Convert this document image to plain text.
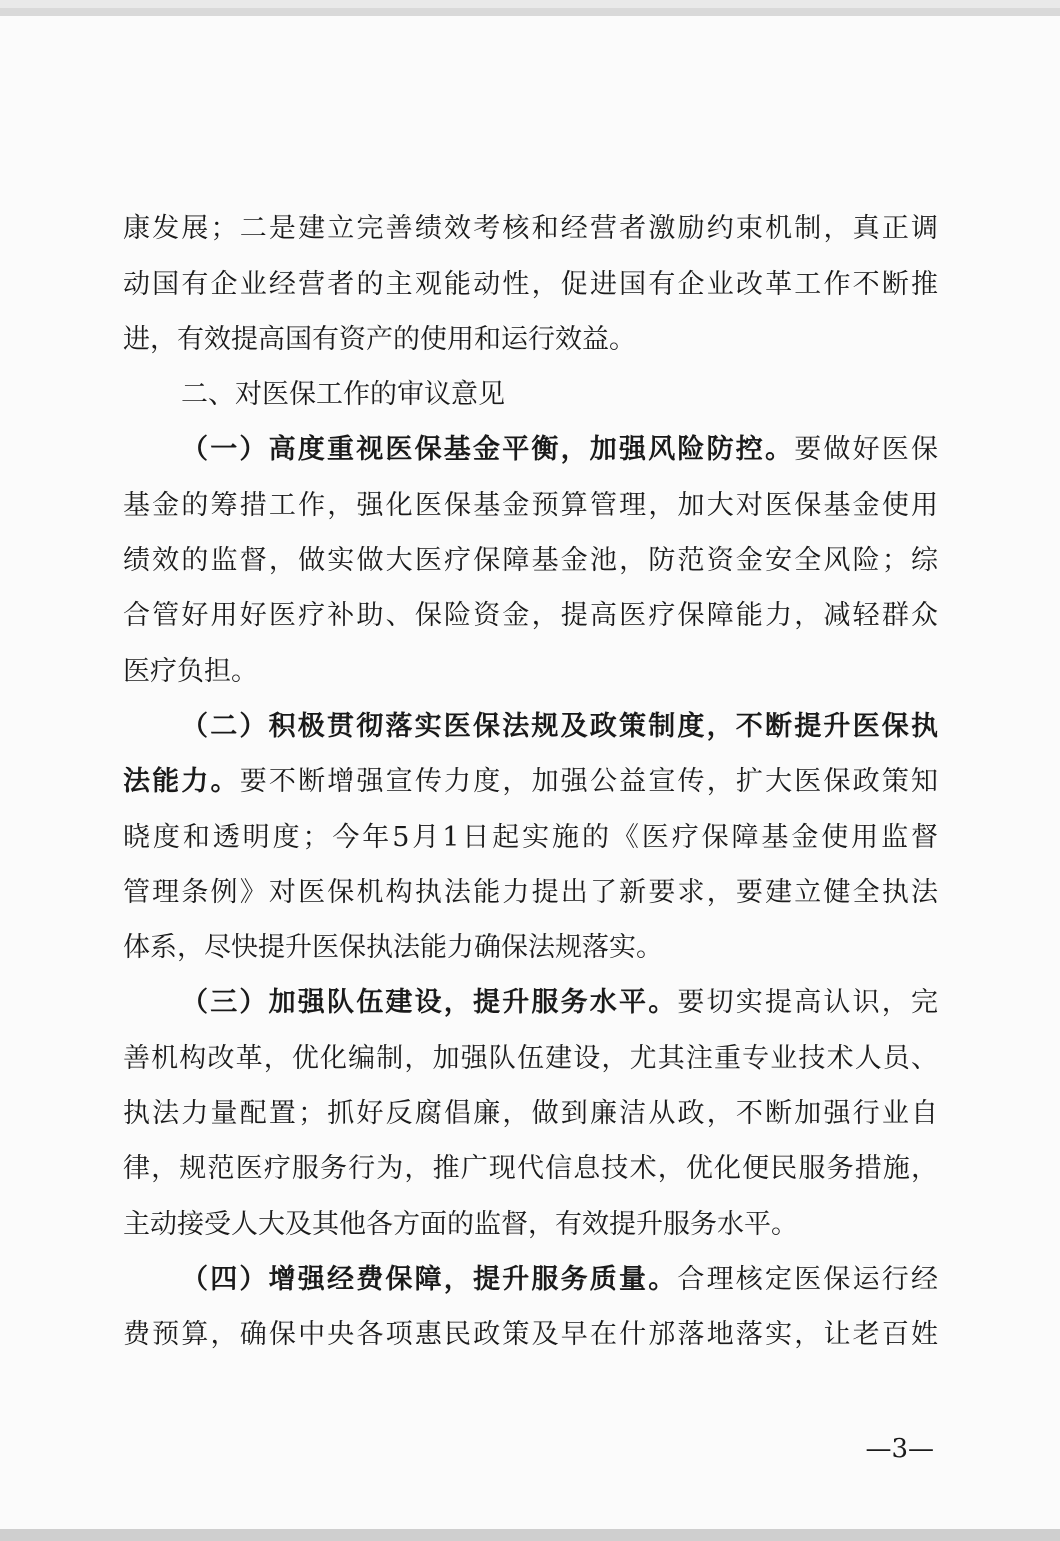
康发展；二是建立完善绩效考核和经营者激励约束机制，真正调
动国有企业经营者的主观能动性，促进国有企业改革工作不断推
进，有效提高国有资产的使用和运行效益。
二、对医保工作的审议意见
（一）高度重视医保基金平衡，加强风险防控。要做好医保
基金的筹措工作，强化医保基金预算管理，加大对医保基金使用
绩效的监督，做实做大医疗保障基金池，防范资金安全风险；综
合管好用好医疗补助、保险资金，提高医疗保障能力，减轻群众
医疗负担。
（二）积极贯彻落实医保法规及政策制度，不断提升医保执
法能力。要不断增强宣传力度，加强公益宣传，扩大医保政策知
晓度和透明度；今年5月1日起实施的《医疗保障基金使用监督
管理条例》对医保机构执法能力提出了新要求，要建立健全执法
体系，尽快提升医保执法能力确保法规落实。
（三）加强队伍建设，提升服务水平。要切实提高认识，完
善机构改革，优化编制，加强队伍建设，尤其注重专业技术人员、
执法力量配置；抓好反腐倡廉，做到廉洁从政，不断加强行业自
律，规范医疗服务行为，推广现代信息技术，优化便民服务措施，
主动接受人大及其他各方面的监督，有效提升服务水平。
（四）增强经费保障，提升服务质量。合理核定医保运行经
费预算，确保中央各项惠民政策及早在什邡落地落实，让老百姓
—3—
